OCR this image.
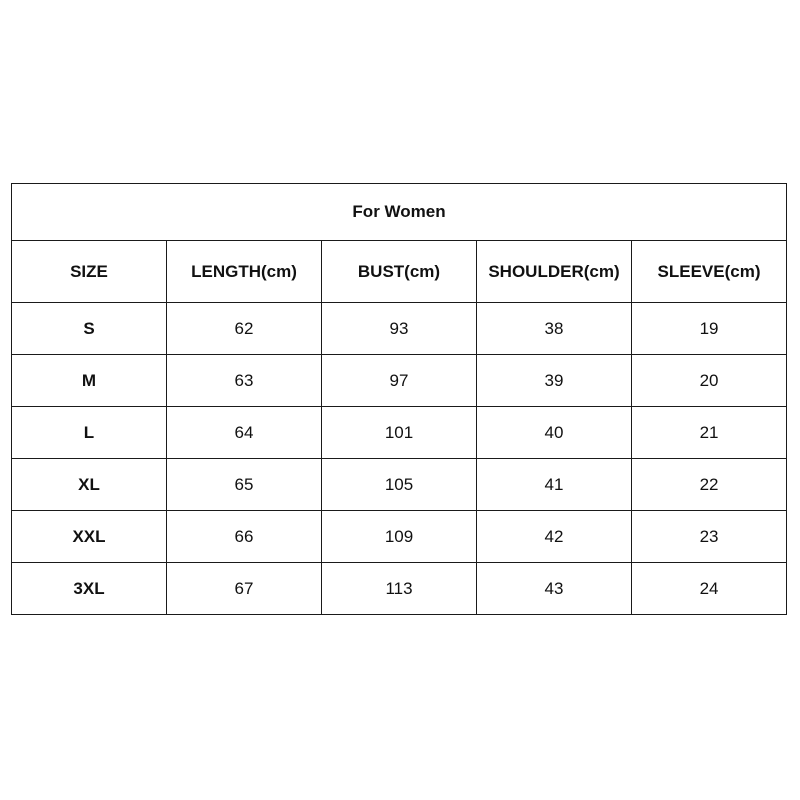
For Women				
SIZE	LENGTH(cm)	BUST(cm)	SHOULDER(cm)	SLEEVE(cm)
S	62	93	38	19
M	63	97	39	20
L	64	101	40	21
XL	65	105	41	22
XXL	66	109	42	23
3XL	67	113	43	24
